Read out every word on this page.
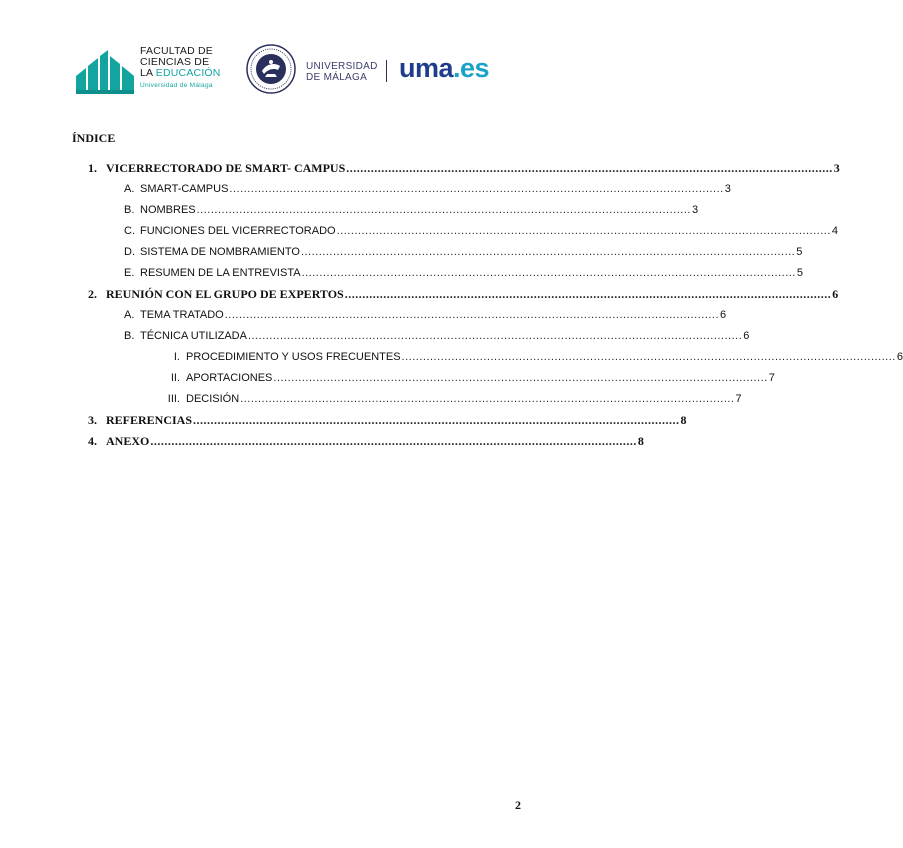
FACULTAD DE
CIENCIAS DE
LA EDUCACIÓN
Universidad de Málaga
UNIVERSIDAD
DE MÁLAGA	uma.es
ÍNDICE
1. VICERRECTORADO DE SMART- CAMPUS ........................................................................................................................................... 3
A. SMART-CAMPUS ........................................................................................................................................... 3
B. NOMBRES ........................................................................................................................................... 3
C. FUNCIONES DEL VICERRECTORADO ........................................................................................................................................... 4
D. SISTEMA DE NOMBRAMIENTO ........................................................................................................................................... 5
E. RESUMEN DE LA ENTREVISTA ........................................................................................................................................... 5
2. REUNIÓN CON EL GRUPO DE EXPERTOS ........................................................................................................................................... 6
A. TEMA TRATADO ........................................................................................................................................... 6
B. TÉCNICA UTILIZADA ........................................................................................................................................... 6
I. PROCEDIMIENTO Y USOS FRECUENTES ........................................................................................................................................... 6
II. APORTACIONES ........................................................................................................................................... 7
III. DECISIÓN ........................................................................................................................................... 7
3. REFERENCIAS ........................................................................................................................................... 8
4. ANEXO ........................................................................................................................................... 8
2
